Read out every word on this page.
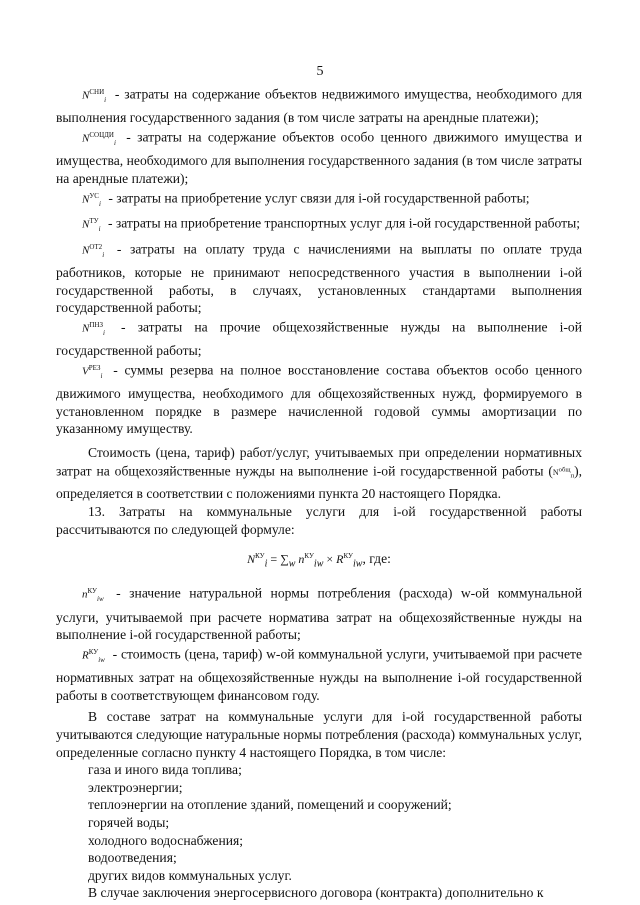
5
$N^{СНИ}_i$ - затраты на содержание объектов недвижимого имущества, необходимого для выполнения государственного задания (в том числе затраты на арендные платежи);
$N^{СОЦДИ}_i$ - затраты на содержание объектов особо ценного движимого имущества и имущества, необходимого для выполнения государственного задания (в том числе затраты на арендные платежи);
$N^{УС}_i$ - затраты на приобретение услуг связи для i-ой государственной работы;
$N^{ТУ}_i$ - затраты на приобретение транспортных услуг для i-ой государственной работы;
$N^{ОТ2}_i$ - затраты на оплату труда с начислениями на выплаты по оплате труда работников, которые не принимают непосредственного участия в выполнении i-ой государственной работы, в случаях, установленных стандартами выполнения государственной работы;
$N^{ПНЗ}_i$ - затраты на прочие общехозяйственные нужды на выполнение i-ой государственной работы;
$V^{РЕЗ}_i$ - суммы резерва на полное восстановление состава объектов особо ценного движимого имущества, необходимого для общехозяйственных нужд, формируемого в установленном порядке в размере начисленной годовой суммы амортизации по указанному имуществу.

Стоимость (цена, тариф) работ/услуг, учитываемых при определении нормативных затрат на общехозяйственные нужды на выполнение i-ой государственной работы $(N^{общ}_п)$, определяется в соответствии с положениями пункта 20 настоящего Порядка.

13. Затраты на коммунальные услуги для i-ой государственной работы рассчитываются по следующей формуле:

$N^{КУ}_i = \sum_w$ $n^{КУ}_{iw} \times R^{КУ}_{iw}$, где:
$n^{КУ}_{iw}$ - значение натуральной нормы потребления (расхода) w-ой коммунальной услуги, учитываемой при расчете норматива затрат на общехозяйственные нужды на выполнение i-ой государственной работы;
$R^{КУ}_{iw}$ - стоимость (цена, тариф) w-ой коммунальной услуги, учитываемой при расчете нормативных затрат на общехозяйственные нужды на выполнение i-ой государственной работы в соответствующем финансовом году.

В составе затрат на коммунальные услуги для i-ой государственной работы учитываются следующие натуральные нормы потребления (расхода) коммунальных услуг, определенные согласно пункту 4 настоящего Порядка, в том числе:

газа и иного вида топлива;
электроэнергии;
теплоэнергии на отопление зданий, помещений и сооружений;
горячей воды;
холодного водоснабжения;
водоотведения;
других видов коммунальных услуг.

В случае заключения энергосервисного договора (контракта) дополнительно к
